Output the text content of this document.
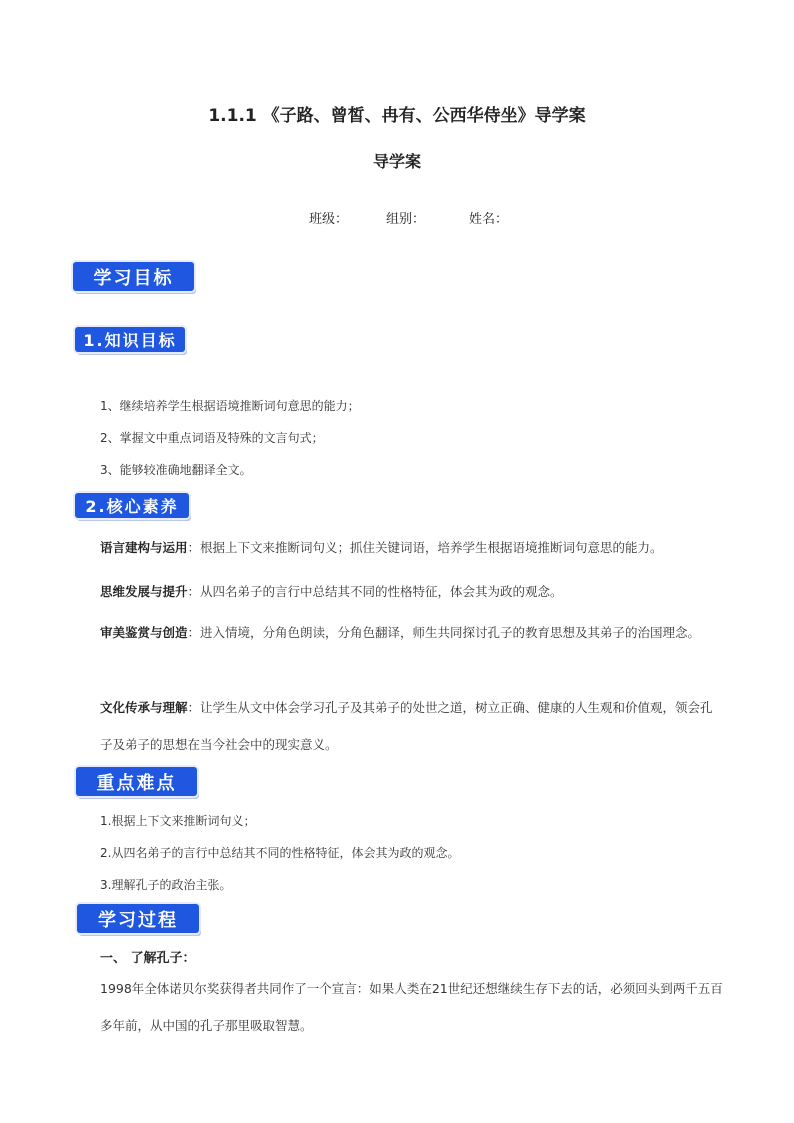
1.1.1 《子路、曾皙、冉有、公西华侍坐》导学案
导学案
班级：	组别：	姓名：
学习目标
1.知识目标
1、继续培养学生根据语境推断词句意思的能力；
2、掌握文中重点词语及特殊的文言句式；
3、能够较准确地翻译全文。
2.核心素养
语言建构与运用：根据上下文来推断词句义；抓住关键词语，培养学生根据语境推断词句意思的能力。
思维发展与提升：从四名弟子的言行中总结其不同的性格特征，体会其为政的观念。
审美鉴赏与创造：进入情境，分角色朗读，分角色翻译，师生共同探讨孔子的教育思想及其弟子的治国理念。
文化传承与理解：让学生从文中体会学习孔子及其弟子的处世之道，树立正确、健康的人生观和价值观，领会孔子及弟子的思想在当今社会中的现实意义。
重点难点
1.根据上下文来推断词句义；
2.从四名弟子的言行中总结其不同的性格特征，体会其为政的观念。
3.理解孔子的政治主张。
学习过程
一、 了解孔子：
1998年全体诺贝尔奖获得者共同作了一个宣言：如果人类在21世纪还想继续生存下去的话，必须回头到两千五百多年前，从中国的孔子那里吸取智慧。
